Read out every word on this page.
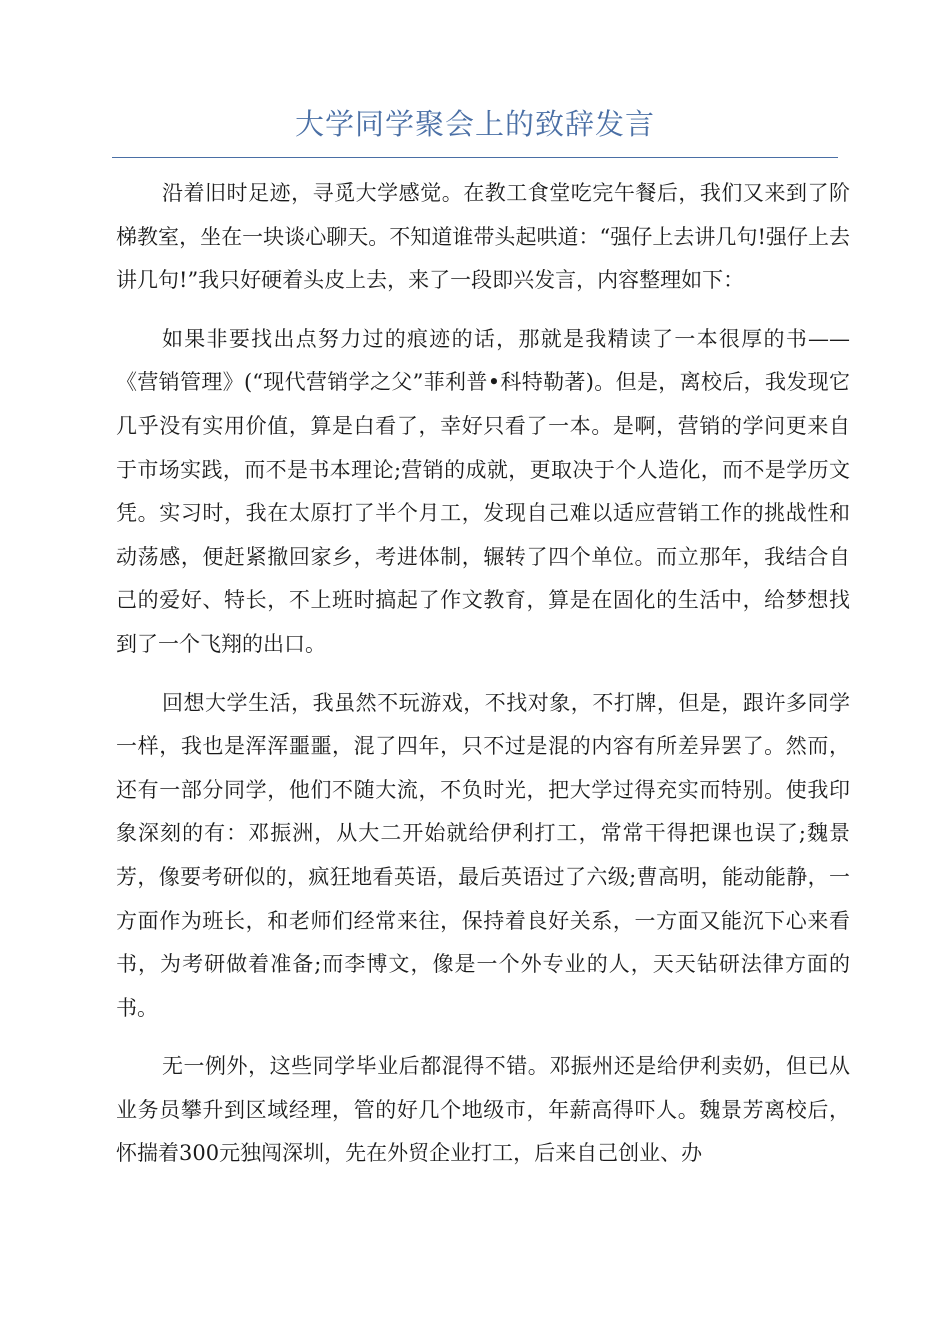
大学同学聚会上的致辞发言

沿着旧时足迹，寻觅大学感觉。在教工食堂吃完午餐后，我们又来到了阶梯教室，坐在一块谈心聊天。不知道谁带头起哄道：“强仔上去讲几句!强仔上去讲几句!”我只好硬着头皮上去，来了一段即兴发言，内容整理如下：

如果非要找出点努力过的痕迹的话，那就是我精读了一本很厚的书——《营销管理》(“现代营销学之父”菲利普•科特勒著)。但是，离校后，我发现它几乎没有实用价值，算是白看了，幸好只看了一本。是啊，营销的学问更来自于市场实践，而不是书本理论;营销的成就，更取决于个人造化，而不是学历文凭。实习时，我在太原打了半个月工，发现自己难以适应营销工作的挑战性和动荡感，便赶紧撤回家乡，考进体制，辗转了四个单位。而立那年，我结合自己的爱好、特长，不上班时搞起了作文教育，算是在固化的生活中，给梦想找到了一个飞翔的出口。

回想大学生活，我虽然不玩游戏，不找对象，不打牌，但是，跟许多同学一样，我也是浑浑噩噩，混了四年，只不过是混的内容有所差异罢了。然而，还有一部分同学，他们不随大流，不负时光，把大学过得充实而特别。使我印象深刻的有：邓振洲，从大二开始就给伊利打工，常常干得把课也误了;魏景芳，像要考研似的，疯狂地看英语，最后英语过了六级;曹高明，能动能静，一方面作为班长，和老师们经常来往，保持着良好关系，一方面又能沉下心来看书，为考研做着准备;而李博文，像是一个外专业的人，天天钻研法律方面的书。

无一例外，这些同学毕业后都混得不错。邓振州还是给伊利卖奶，但已从业务员攀升到区域经理，管的好几个地级市，年薪高得吓人。魏景芳离校后，怀揣着300元独闯深圳，先在外贸企业打工，后来自己创业、办
